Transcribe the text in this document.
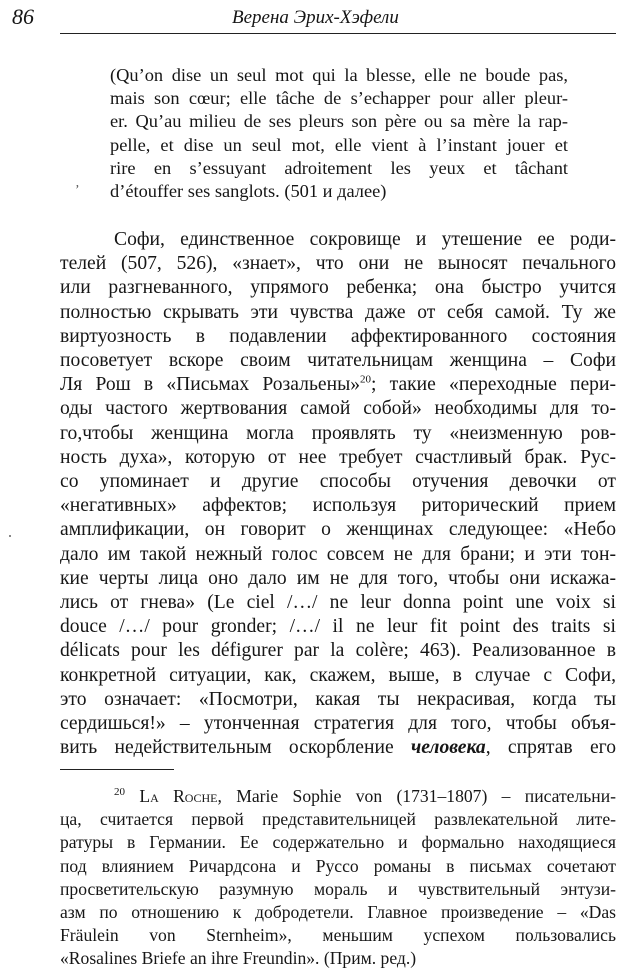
86	Верена Эрих-Хэфели
(Qu’on dise un seul mot qui la blesse, elle ne boude pas,
mais son cœur; elle tâche de s’echapper pour aller pleur-
er. Qu’au milieu de ses pleurs son père ou sa mère la rap-
pelle, et dise un seul mot, elle vient à l’instant jouer et
rire en s’essuyant adroitement les yeux et tâchant
d’étouffer ses sanglots. (501 и далее)
’
Софи, единственное сокровище и утешение ее роди-
телей (507, 526), «знает», что они не выносят печального
или разгневанного, упрямого ребенка; она быстро учится
полностью скрывать эти чувства даже от себя самой. Ту же
виртуозность в подавлении аффектированного состояния
посоветует вскоре своим читательницам женщина – Софи
Ля Рош в «Письмах Розальены»$^{20}$; такие «переходные пери-
оды частого жертвования самой собой» необходимы для то-
го,чтобы женщина могла проявлять ту «неизменную ров-
ность духа», которую от нее требует счастливый брак. Рус-
со упоминает и другие способы отучения девочки от
«негативных» аффектов; используя риторический прием
амплификации, он говорит о женщинах следующее: «Небо
дало им такой нежный голос совсем не для брани; и эти тон-
кие черты лица оно дало им не для того, чтобы они искажа-
лись от гнева» (Le ciel /…/ ne leur donna point une voix si
douce /…/ pour gronder; /…/ il ne leur fit point des traits si
délicats pour les défigurer par la colère; 463). Реализованное в
конкретной ситуации, как, скажем, выше, в случае с Софи,
это означает: «Посмотри, какая ты некрасивая, когда ты
сердишься!» – утонченная стратегия для того, чтобы объя-
вить недействительным оскорбление человека, спрятав его
$^{20}$ La Roche, Marie Sophie von (1731–1807) – писательни-
ца, считается первой представительницей развлекательной лите-
ратуры в Германии. Ее содержательно и формально находящиеся
под влиянием Ричардсона и Руссо романы в письмах сочетают
просветительскую разумную мораль и чувствительный энтузи-
азм по отношению к добродетели. Главное произведение – «Das
Fräulein von Sternheim», меньшим успехом пользовались
«Rosalines Briefe an ihre Freundin». (Прим. ред.)
